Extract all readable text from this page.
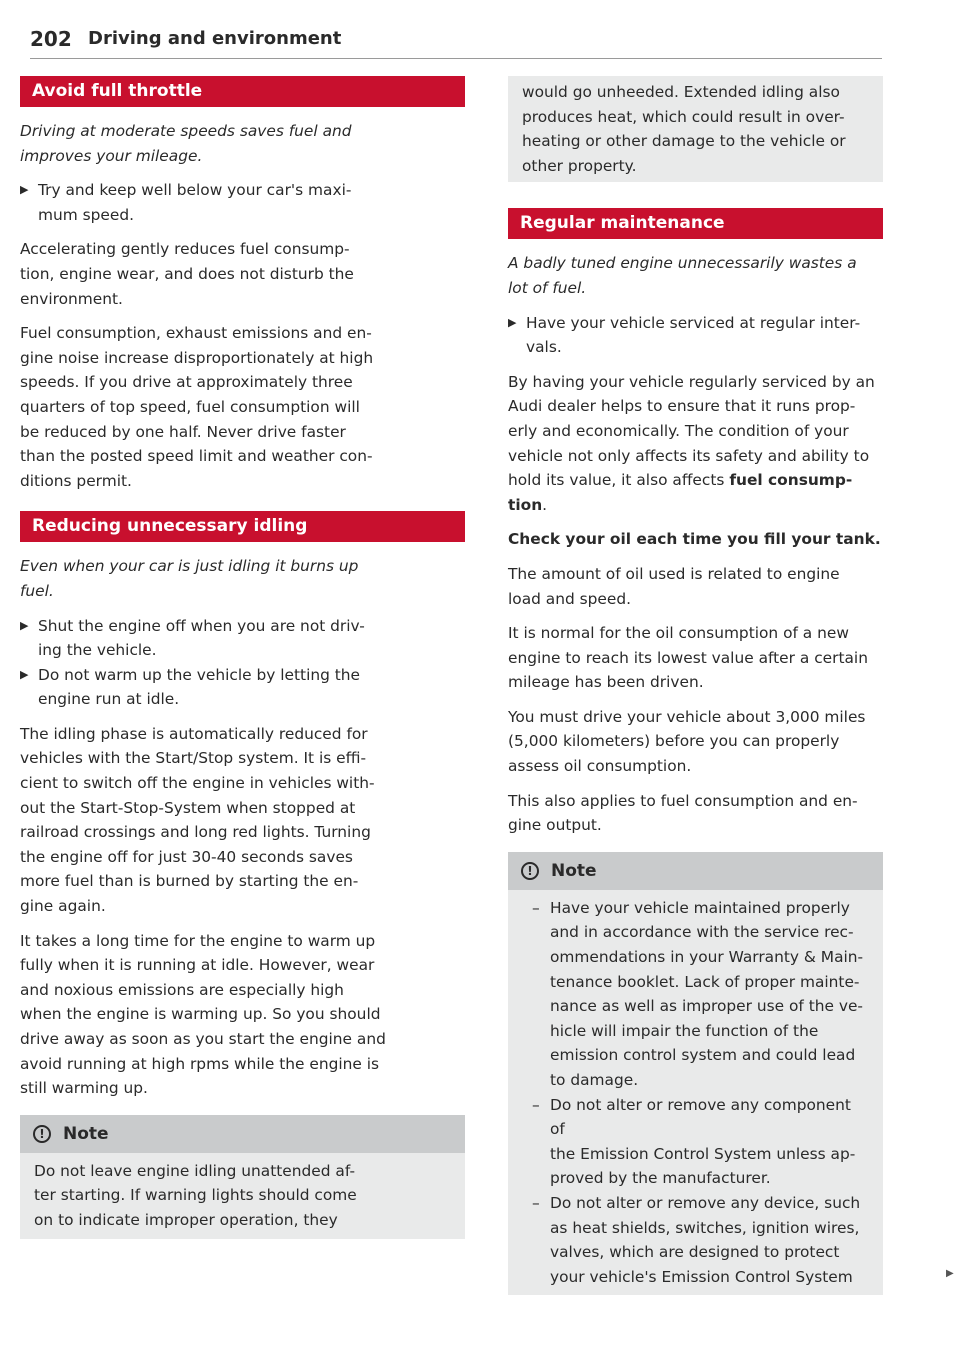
202 Driving and environment
Avoid full throttle

Driving at moderate speeds saves fuel and

improves your mileage.

▶ Try and keep well below your car's maxi-

mum speed.

Accelerating gently reduces fuel consump-

tion, engine wear, and does not disturb the

environment.

Fuel consumption, exhaust emissions and en-

gine noise increase disproportionately at high

speeds. If you drive at approximately three

quarters of top speed, fuel consumption will

be reduced by one half. Never drive faster

than the posted speed limit and weather con-

ditions permit.

Reducing unnecessary idling

Even when your car is just idling it burns up

fuel.

▶ Shut the engine off when you are not driv-

ing the vehicle.

▶ Do not warm up the vehicle by letting the

engine run at idle.

The idling phase is automatically reduced for

vehicles with the Start/Stop system. It is effi-

cient to switch off the engine in vehicles with-

out the Start-Stop-System when stopped at

railroad crossings and long red lights. Turning

the engine off for just 30-40 seconds saves

more fuel than is burned by starting the en-

gine again.

It takes a long time for the engine to warm up

fully when it is running at idle. However, wear

and noxious emissions are especially high

when the engine is warming up. So you should

drive away as soon as you start the engine and

avoid running at high rpms while the engine is

still warming up.

!	Note

Do not leave engine idling unattended af-

ter starting. If warning lights should come

on to indicate improper operation, they

would go unheeded. Extended idling also

produces heat, which could result in over-

heating or other damage to the vehicle or

other property.

Regular maintenance

A badly tuned engine unnecessarily wastes a

lot of fuel.

▶ Have your vehicle serviced at regular inter-

vals.

By having your vehicle regularly serviced by an

Audi dealer helps to ensure that it runs prop-

erly and economically. The condition of your

vehicle not only affects its safety and ability to

hold its value, it also affects fuel consump-

tion.

Check your oil each time you fill your tank.

The amount of oil used is related to engine

load and speed.

It is normal for the oil consumption of a new

engine to reach its lowest value after a certain

mileage has been driven.

You must drive your vehicle about 3,000 miles

(5,000 kilometers) before you can properly

assess oil consumption.

This also applies to fuel consumption and en-

gine output.

!	Note
– Have your vehicle maintained properly

and in accordance with the service rec-

ommendations in your Warranty & Main-

tenance booklet. Lack of proper mainte-

nance as well as improper use of the ve-

hicle will impair the function of the

emission control system and could lead

to damage.

– Do not alter or remove any component of

the Emission Control System unless ap-

proved by the manufacturer.

– Do not alter or remove any device, such

as heat shields, switches, ignition wires,

valves, which are designed to protect

your vehicle's Emission Control System	▶
